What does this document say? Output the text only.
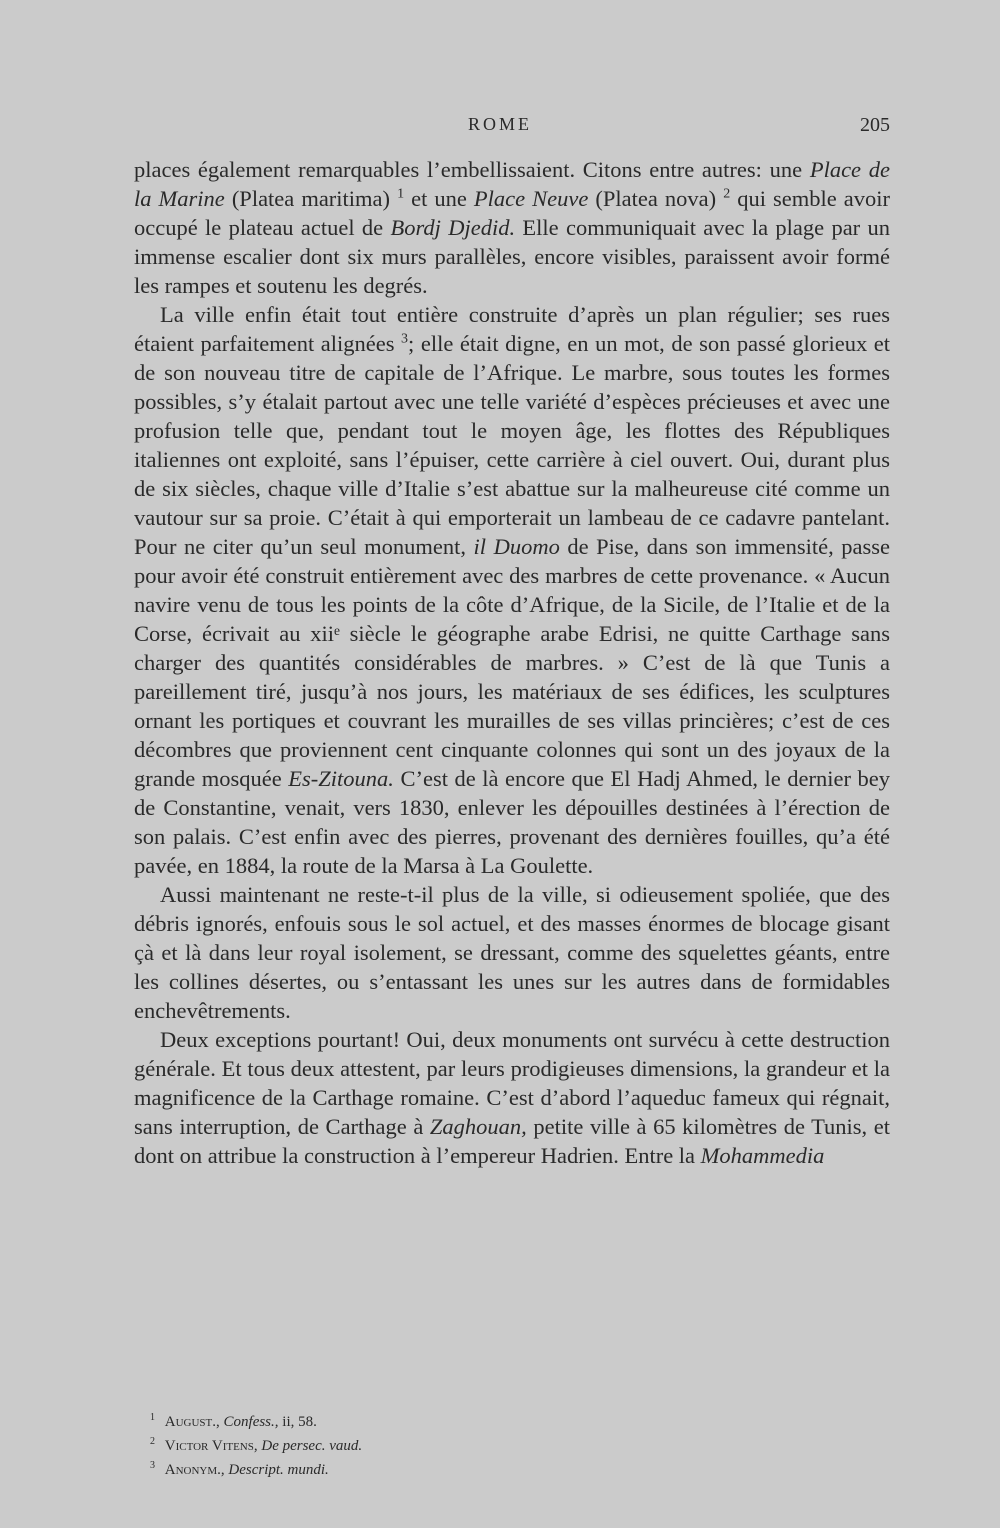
ROME	205

places également remarquables l’embellissaient. Citons entre autres: une Place de la Marine (Platea maritima) $^1$ et une Place Neuve (Platea nova) $^2$ qui semble avoir occupé le plateau actuel de Bordj Djedid. Elle communiquait avec la plage par un immense escalier dont six murs parallèles, encore visibles, paraissent avoir formé les rampes et soutenu les degrés.

La ville enfin était tout entière construite d’après un plan régulier; ses rues étaient parfaitement alignées $^3$; elle était digne, en un mot, de son passé glorieux et de son nouveau titre de capitale de l’Afrique. Le marbre, sous toutes les formes possibles, s’y étalait partout avec une telle variété d’espèces précieuses et avec une profusion telle que, pendant tout le moyen âge, les flottes des Républiques italiennes ont exploité, sans l’épuiser, cette carrière à ciel ouvert. Oui, durant plus de six siècles, chaque ville d’Italie s’est abattue sur la malheureuse cité comme un vautour sur sa proie. C’était à qui emporterait un lambeau de ce cadavre pantelant. Pour ne citer qu’un seul monument, il Duomo de Pise, dans son immensité, passe pour avoir été construit entièrement avec des marbres de cette provenance. « Aucun navire venu de tous les points de la côte d’Afrique, de la Sicile, de l’Italie et de la Corse, écrivait au xiiᵉ siècle le géographe arabe Edrisi, ne quitte Carthage sans charger des quantités considérables de marbres. » C’est de là que Tunis a pareillement tiré, jusqu’à nos jours, les matériaux de ses édifices, les sculptures ornant les portiques et couvrant les murailles de ses villas princières; c’est de ces décombres que proviennent cent cinquante colonnes qui sont un des joyaux de la grande mosquée Es-Zitouna. C’est de là encore que El Hadj Ahmed, le dernier bey de Constantine, venait, vers 1830, enlever les dépouilles destinées à l’érection de son palais. C’est enfin avec des pierres, provenant des dernières fouilles, qu’a été pavée, en 1884, la route de la Marsa à La Goulette.

Aussi maintenant ne reste-t-il plus de la ville, si odieusement spoliée, que des débris ignorés, enfouis sous le sol actuel, et des masses énormes de blocage gisant çà et là dans leur royal isolement, se dressant, comme des squelettes géants, entre les collines désertes, ou s’entassant les unes sur les autres dans de formidables enchevêtrements.

Deux exceptions pourtant! Oui, deux monuments ont survécu à cette destruction générale. Et tous deux attestent, par leurs prodigieuses dimensions, la grandeur et la magnificence de la Carthage romaine. C’est d’abord l’aqueduc fameux qui régnait, sans interruption, de Carthage à Zaghouan, petite ville à 65 kilomètres de Tunis, et dont on attribue la construction à l’empereur Hadrien. Entre la Mohammedia

$^1$ August., Confess., ii, 58.

$^2$ Victor Vitens, De persec. vaud.

$^3$ Anonym., Descript. mundi.
